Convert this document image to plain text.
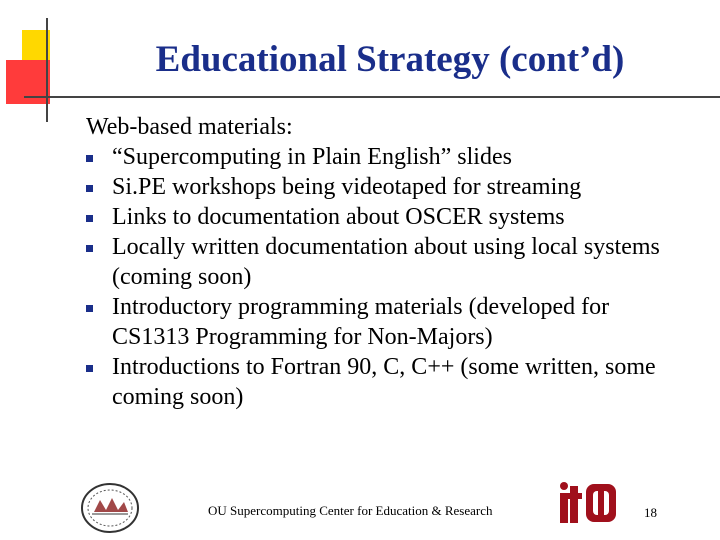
Educational Strategy (cont’d)

Web-based materials:

“Supercomputing in Plain English” slides
Si.PE workshops being videotaped for streaming
Links to documentation about OSCER systems
Locally written documentation about using local systems (coming soon)
Introductory programming materials (developed for CS1313 Programming for Non-Majors)
Introductions to Fortran 90, C, C++ (some written, some coming soon)
OU Supercomputing Center for Education & Research	18
